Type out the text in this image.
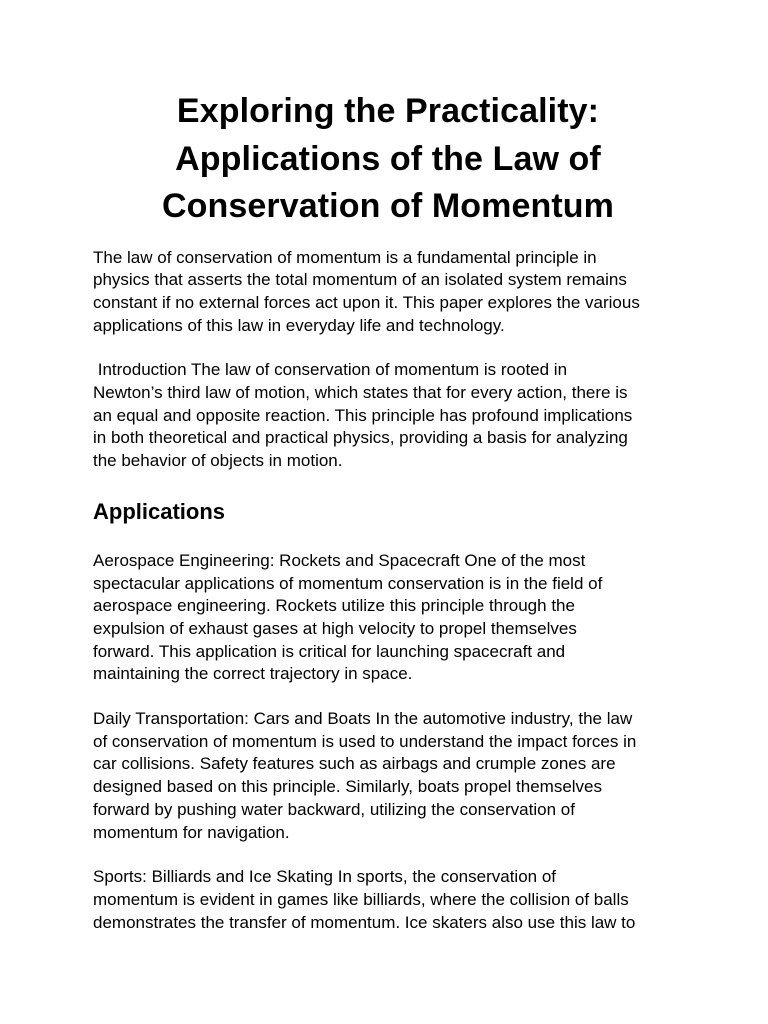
Exploring the Practicality:
Applications of the Law of
Conservation of Momentum

The law of conservation of momentum is a fundamental principle in
physics that asserts the total momentum of an isolated system remains
constant if no external forces act upon it. This paper explores the various
applications of this law in everyday life and technology.

Introduction The law of conservation of momentum is rooted in
Newton’s third law of motion, which states that for every action, there is
an equal and opposite reaction. This principle has profound implications
in both theoretical and practical physics, providing a basis for analyzing
the behavior of objects in motion.

Applications

Aerospace Engineering: Rockets and Spacecraft One of the most
spectacular applications of momentum conservation is in the field of
aerospace engineering. Rockets utilize this principle through the
expulsion of exhaust gases at high velocity to propel themselves
forward. This application is critical for launching spacecraft and
maintaining the correct trajectory in space.

Daily Transportation: Cars and Boats In the automotive industry, the law
of conservation of momentum is used to understand the impact forces in
car collisions. Safety features such as airbags and crumple zones are
designed based on this principle. Similarly, boats propel themselves
forward by pushing water backward, utilizing the conservation of
momentum for navigation.

Sports: Billiards and Ice Skating In sports, the conservation of
momentum is evident in games like billiards, where the collision of balls
demonstrates the transfer of momentum. Ice skaters also use this law to
